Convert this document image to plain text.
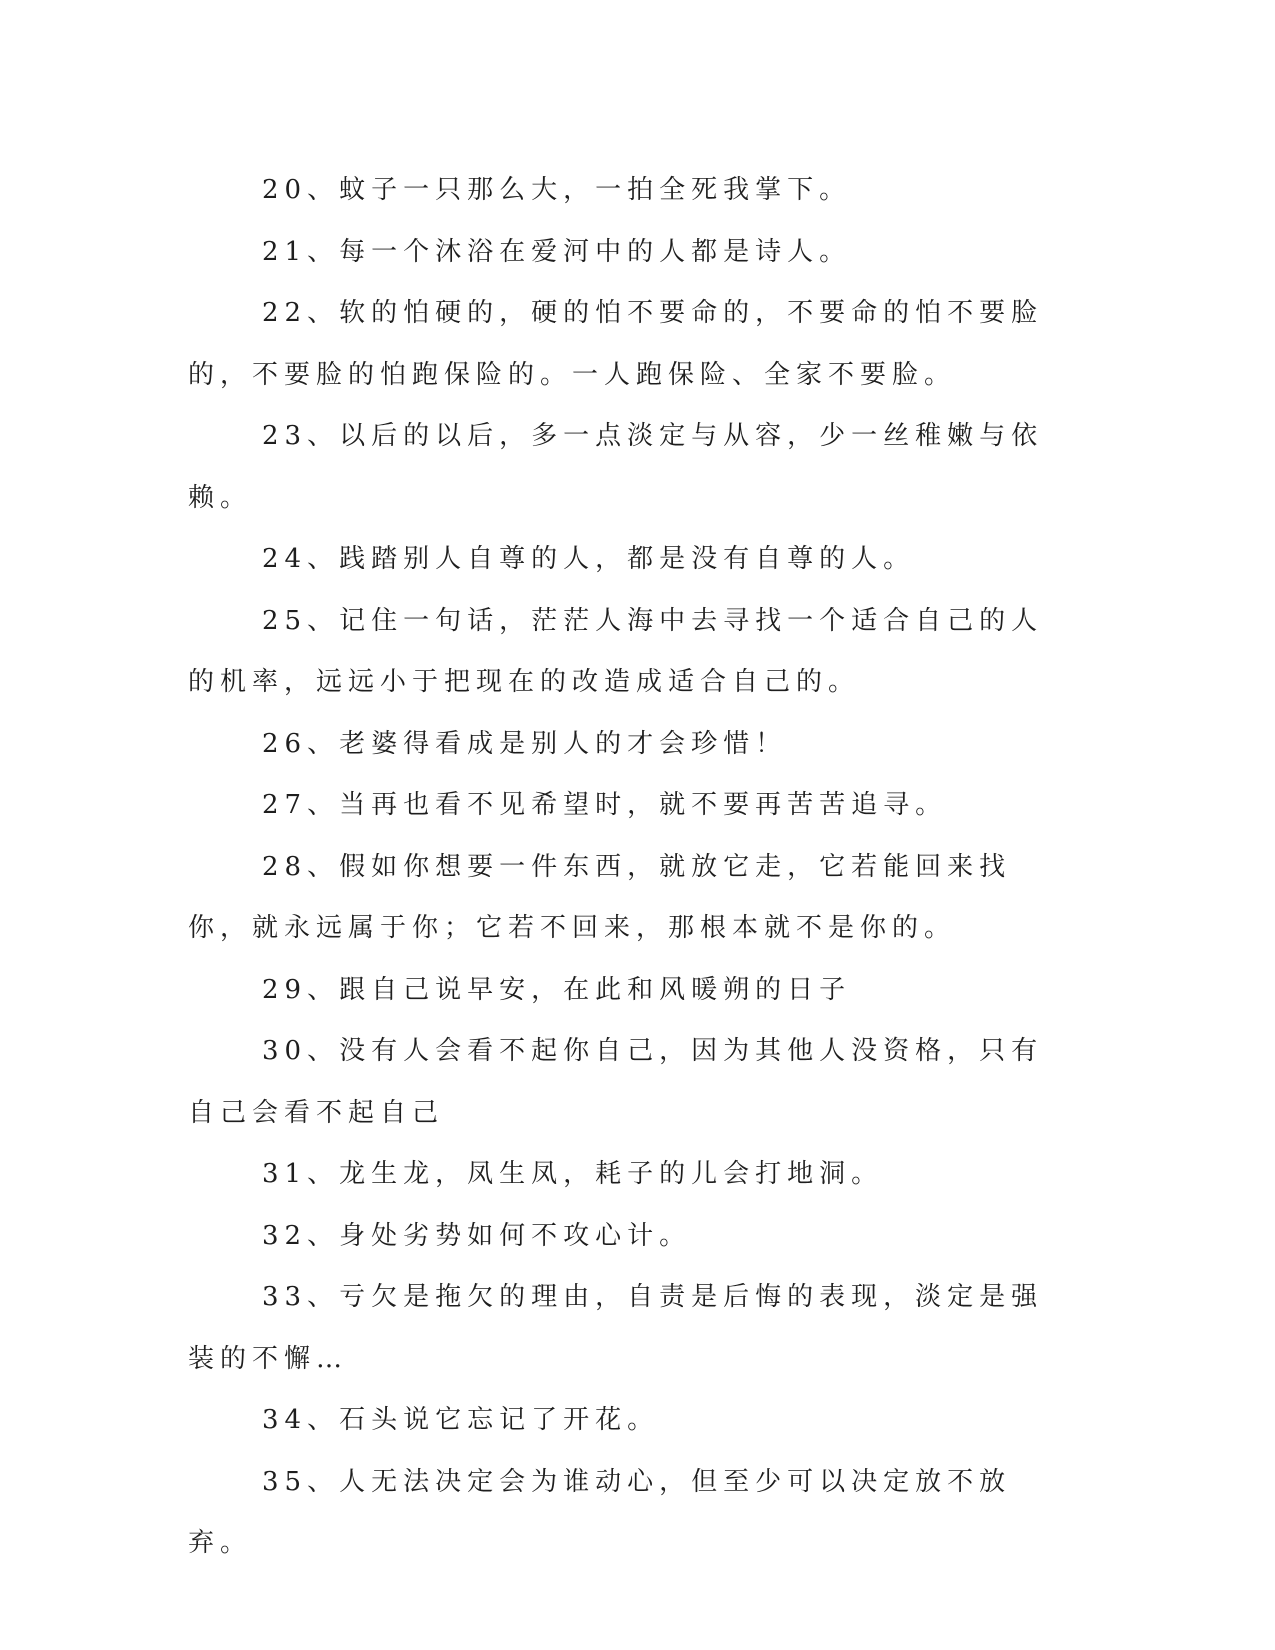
20、蚊子一只那么大，一拍全死我掌下。

21、每一个沐浴在爱河中的人都是诗人。

22、软的怕硬的，硬的怕不要命的，不要命的怕不要脸的，不要脸的怕跑保险的。一人跑保险、全家不要脸。

23、以后的以后，多一点淡定与从容，少一丝稚嫩与依赖。

24、践踏别人自尊的人，都是没有自尊的人。

25、记住一句话，茫茫人海中去寻找一个适合自己的人的机率，远远小于把现在的改造成适合自己的。

26、老婆得看成是别人的才会珍惜！

27、当再也看不见希望时，就不要再苦苦追寻。

28、假如你想要一件东西，就放它走，它若能回来找你，就永远属于你；它若不回来，那根本就不是你的。

29、跟自己说早安，在此和风暖朔的日子

30、没有人会看不起你自己，因为其他人没资格，只有自己会看不起自己

31、龙生龙，凤生凤，耗子的儿会打地洞。

32、身处劣势如何不攻心计。

33、亏欠是拖欠的理由，自责是后悔的表现，淡定是强装的不懈…

34、石头说它忘记了开花。

35、人无法决定会为谁动心，但至少可以决定放不放弃。
